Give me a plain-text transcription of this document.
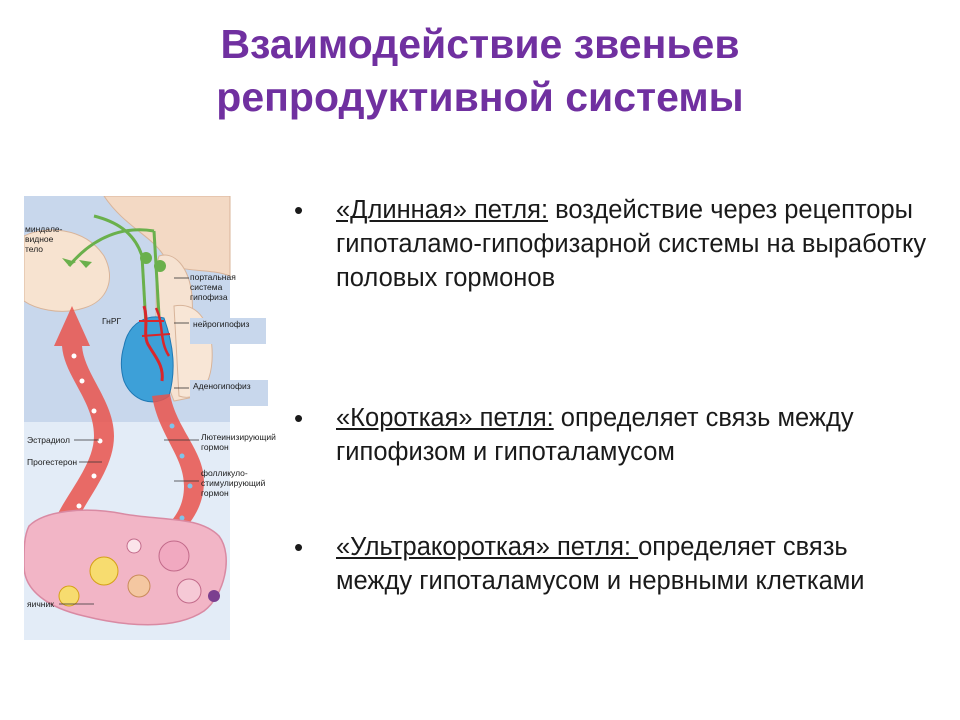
Взаимодействие звеньев
репродуктивной системы
миндале-
видное
тело
портальная
система
гипофиза
ГнРГ	нейрогипофиз
Аденогипофиз
Эстрадиол
Прогестерон
Лютеинизирующий
гормон
фолликуло-
стимулирующий
гормон
яичник
• «Длинная» петля: воздействие через рецепторы гипоталамо-гипофизарной системы на выработку половых гормонов
• «Короткая» петля: определяет связь между гипофизом и гипоталамусом
• «Ультракороткая» петля: определяет связь между гипоталамусом и нервными клетками
